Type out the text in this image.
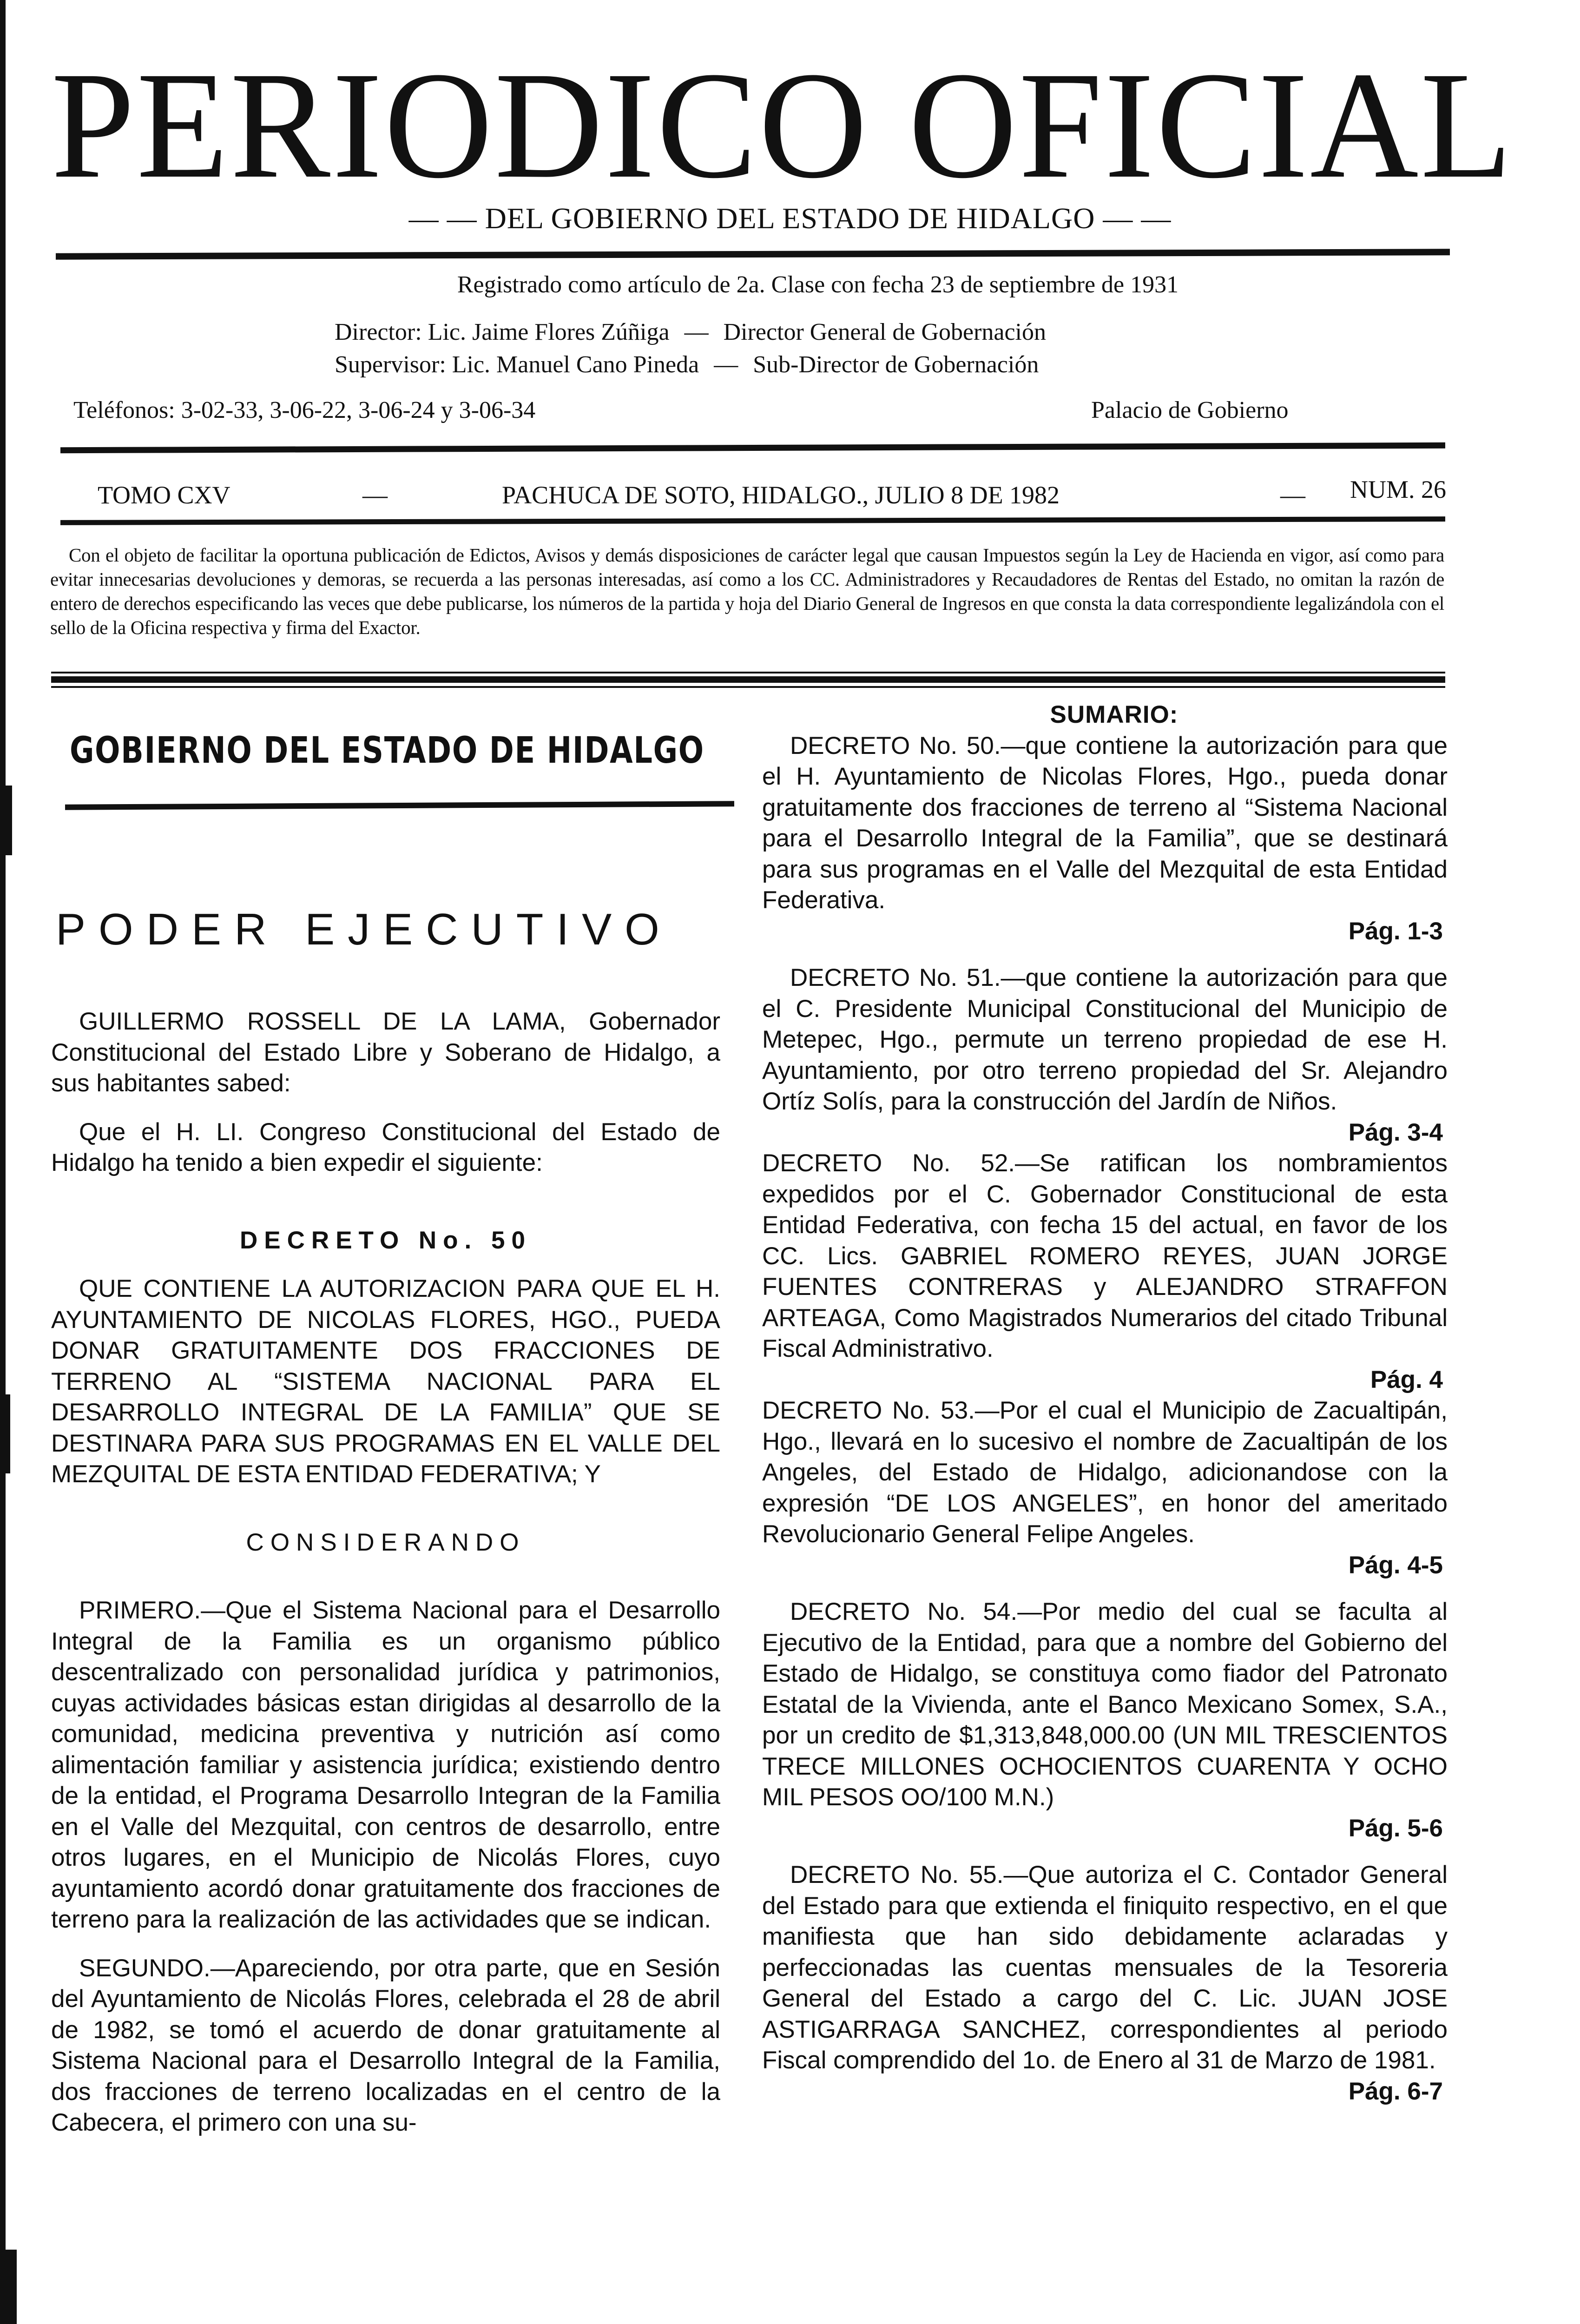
PERIODICO OFICIAL
— — DEL GOBIERNO DEL ESTADO DE HIDALGO — —
Registrado como artículo de 2a. Clase con fecha 23 de septiembre de 1931
Director: Lic. Jaime Flores Zúñiga — Director General de Gobernación
Supervisor: Lic. Manuel Cano Pineda — Sub-Director de Gobernación
Teléfonos: 3-02-33, 3-06-22, 3-06-24 y 3-06-34	Palacio de Gobierno
TOMO CXV	—	PACHUCA DE SOTO, HIDALGO., JULIO 8 DE 1982	— NUM. 26
Con el objeto de facilitar la oportuna publicación de Edictos, Avisos y demás disposiciones de carácter legal que causan Impuestos según la Ley de Hacienda en vigor, así como para evitar innecesarias devoluciones y demoras, se recuerda a las personas interesadas, así como a los CC. Administradores y Recaudadores de Rentas del Estado, no omitan la razón de entero de derechos especificando las veces que debe publicarse, los números de la partida y hoja del Diario General de Ingresos en que consta la data correspondiente legalizándola con el sello de la Oficina respectiva y firma del Exactor.
GOBIERNO DEL ESTADO DE HIDALGO
PODER EJECUTIVO

GUILLERMO ROSSELL DE LA LAMA, Gobernador Constitucional del Estado Libre y Soberano de Hidalgo, a sus habitantes sabed:

Que el H. LI. Congreso Constitucional del Estado de Hidalgo ha tenido a bien expedir el siguiente:

DECRETO No. 50

QUE CONTIENE LA AUTORIZACION PARA QUE EL H. AYUNTAMIENTO DE NICOLAS FLORES, HGO., PUEDA DONAR GRATUITAMENTE DOS FRACCIONES DE TERRENO AL “SISTEMA NACIONAL PARA EL DESARROLLO INTEGRAL DE LA FAMILIA” QUE SE DESTINARA PARA SUS PROGRAMAS EN EL VALLE DEL MEZQUITAL DE ESTA ENTIDAD FEDERATIVA; Y

CONSIDERANDO

PRIMERO.—Que el Sistema Nacional para el Desarrollo Integral de la Familia es un organismo público descentralizado con personalidad jurídica y patrimonios, cuyas actividades básicas estan dirigidas al desarrollo de la comunidad, medicina preventiva y nutrición así como alimentación familiar y asistencia jurídica; existiendo dentro de la entidad, el Programa Desarrollo Integran de la Familia en el Valle del Mezquital, con centros de desarrollo, entre otros lugares, en el Municipio de Nicolás Flores, cuyo ayuntamiento acordó donar gratuitamente dos fracciones de terreno para la realización de las actividades que se indican.

SEGUNDO.—Apareciendo, por otra parte, que en Sesión del Ayuntamiento de Nicolás Flores, celebrada el 28 de abril de 1982, se tomó el acuerdo de donar gratuitamente al Sistema Nacional para el Desarrollo Integral de la Familia, dos fracciones de terreno localizadas en el centro de la Cabecera, el primero con una su-

SUMARIO:

DECRETO No. 50.—que contiene la autorización para que el H. Ayuntamiento de Nicolas Flores, Hgo., pueda donar gratuitamente dos fracciones de terreno al “Sistema Nacional para el Desarrollo Integral de la Familia”, que se destinará para sus programas en el Valle del Mezquital de esta Entidad Federativa.

Pág. 1-3

DECRETO No. 51.—que contiene la autorización para que el C. Presidente Municipal Constitucional del Municipio de Metepec, Hgo., permute un terreno propiedad de ese H. Ayuntamiento, por otro terreno propiedad del Sr. Alejandro Ortíz Solís, para la construcción del Jardín de Niños.

Pág. 3-4

DECRETO No. 52.—Se ratifican los nombramientos expedidos por el C. Gobernador Constitucional de esta Entidad Federativa, con fecha 15 del actual, en favor de los CC. Lics. GABRIEL ROMERO REYES, JUAN JORGE FUENTES CONTRERAS y ALEJANDRO STRAFFON ARTEAGA, Como Magistrados Numerarios del citado Tribunal Fiscal Administrativo.

Pág. 4

DECRETO No. 53.—Por el cual el Municipio de Zacualtipán, Hgo., llevará en lo sucesivo el nombre de Zacualtipán de los Angeles, del Estado de Hidalgo, adicionandose con la expresión “DE LOS ANGELES”, en honor del ameritado Revolucionario General Felipe Angeles.

Pág. 4-5

DECRETO No. 54.—Por medio del cual se faculta al Ejecutivo de la Entidad, para que a nombre del Gobierno del Estado de Hidalgo, se constituya como fiador del Patronato Estatal de la Vivienda, ante el Banco Mexicano Somex, S.A., por un credito de $1,313,848,000.00 (UN MIL TRESCIENTOS TRECE MILLONES OCHOCIENTOS CUARENTA Y OCHO MIL PESOS OO/100 M.N.)

Pág. 5-6

DECRETO No. 55.—Que autoriza el C. Contador General del Estado para que extienda el finiquito respectivo, en el que manifiesta que han sido debidamente aclaradas y perfeccionadas las cuentas mensuales de la Tesoreria General del Estado a cargo del C. Lic. JUAN JOSE ASTIGARRAGA SANCHEZ, correspondientes al periodo Fiscal comprendido del 1o. de Enero al 31 de Marzo de 1981.

Pág. 6-7
